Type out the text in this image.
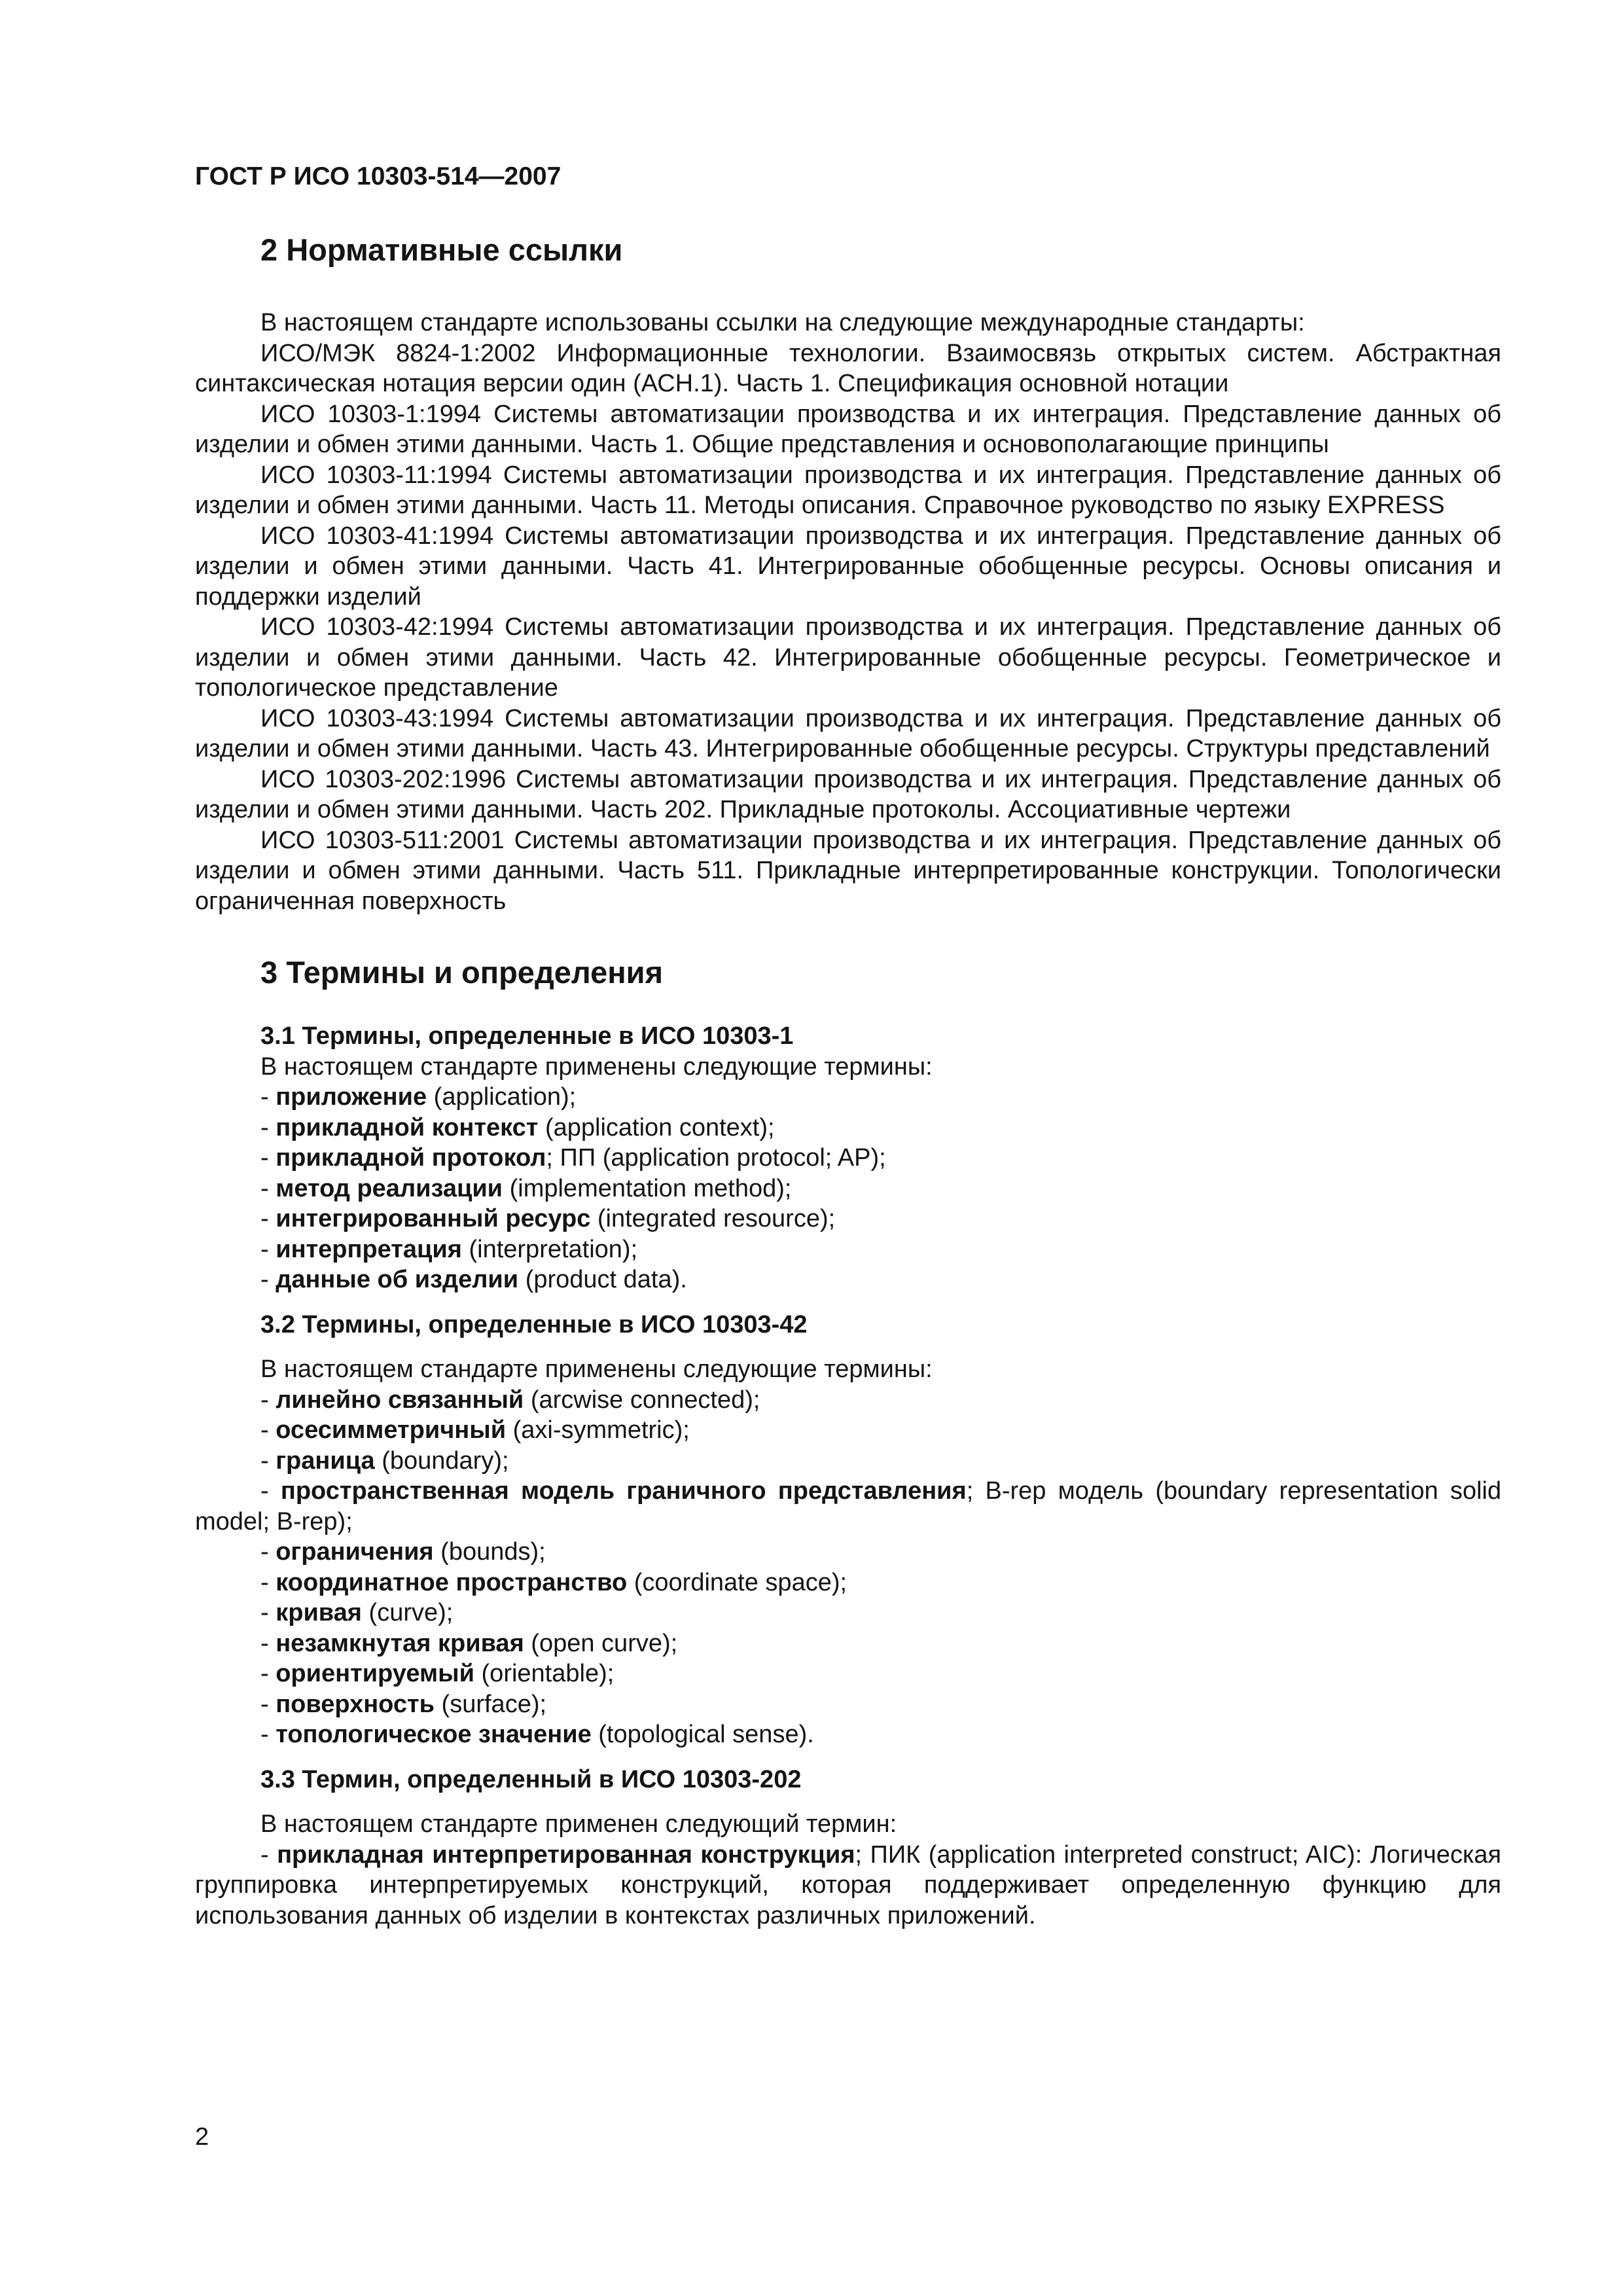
ГОСТ Р ИСО 10303-514—2007
2 Нормативные ссылки

В настоящем стандарте использованы ссылки на следующие международные стандарты:

ИСО/МЭК 8824-1:2002 Информационные технологии. Взаимосвязь открытых систем. Абстрактная синтаксическая нотация версии один (АСН.1). Часть 1. Спецификация основной нотации

ИСО 10303-1:1994 Системы автоматизации производства и их интеграция. Представление данных об изделии и обмен этими данными. Часть 1. Общие представления и основополагающие принципы

ИСО 10303-11:1994 Системы автоматизации производства и их интеграция. Представление данных об изделии и обмен этими данными. Часть 11. Методы описания. Справочное руководство по языку EXPRESS

ИСО 10303-41:1994 Системы автоматизации производства и их интеграция. Представление данных об изделии и обмен этими данными. Часть 41. Интегрированные обобщенные ресурсы. Основы описания и поддержки изделий

ИСО 10303-42:1994 Системы автоматизации производства и их интеграция. Представление данных об изделии и обмен этими данными. Часть 42. Интегрированные обобщенные ресурсы. Геометрическое и топологическое представление

ИСО 10303-43:1994 Системы автоматизации производства и их интеграция. Представление данных об изделии и обмен этими данными. Часть 43. Интегрированные обобщенные ресурсы. Структуры представлений

ИСО 10303-202:1996 Системы автоматизации производства и их интеграция. Представление данных об изделии и обмен этими данными. Часть 202. Прикладные протоколы. Ассоциативные чертежи

ИСО 10303-511:2001 Системы автоматизации производства и их интеграция. Представление данных об изделии и обмен этими данными. Часть 511. Прикладные интерпретированные конструкции. Топологически ограниченная поверхность

3 Термины и определения
3.1 Термины, определенные в ИСО 10303-1

В настоящем стандарте применены следующие термины:

- приложение (application);
- прикладной контекст (application context);
- прикладной протокол; ПП (application protocol; AP);
- метод реализации (implementation method);
- интегрированный ресурс (integrated resource);
- интерпретация (interpretation);
- данные об изделии (product data).
3.2 Термины, определенные в ИСО 10303-42

В настоящем стандарте применены следующие термины:

- линейно связанный (arcwise connected);
- осесимметричный (axi-symmetric);
- граница (boundary);
- пространственная модель граничного представления; B-rep модель (boundary representation solid model; B-rep);
- ограничения (bounds);
- координатное пространство (coordinate space);
- кривая (curve);
- незамкнутая кривая (open curve);
- ориентируемый (orientable);
- поверхность (surface);
- топологическое значение (topological sense).
3.3 Термин, определенный в ИСО 10303-202

В настоящем стандарте применен следующий термин:

- прикладная интерпретированная конструкция; ПИК (application interpreted construct; AIC): Логическая группировка интерпретируемых конструкций, которая поддерживает определенную функцию для использования данных об изделии в контекстах различных приложений.

2
